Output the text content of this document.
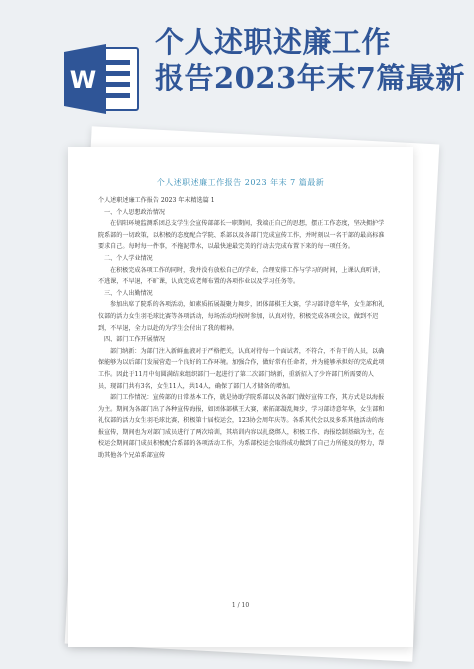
W
个人述职述廉工作
报告2023年末7篇最新
个人述职述廉工作报告 2023 年末 7 篇最新

个人述职述廉工作报告 2023 年末精选篇 1

一、个人思想政治情况

在信阳环境监测系团总支学生会宣传部部长一职期间，我端正自己的思想，摆正工作态度，坚决拥护学院系部的一切政策，以积极的态度配合学院、系部以及各部门完成宣传工作，并时刻以一名干部的最高标准要求自己。每时每一件事，不拖泥带水，以最快速最完美的行动去完成布置下来的每一项任务。

二、个人学业情况

在积极完成各项工作的同时，我并没有放松自己的学业，合理安排工作与学习的时间，上课认真听讲，不逃课，不早退，不旷课，认真完成老师布置的各项作业以及学习任务等。

三、个人出勤情况

参加出席了院系的各项活动，如素质拓展凝聚力舞步，团体部棋王大赛，学习部诗意年华，女生部和礼仪部的活力女生羽毛球比赛等各项活动，每场活动均按时参加，认真对待，积极完成各项会议，做到不迟到，不早退，全力以赴的为学生会付出了我的精神。

四、部门工作开展情况

部门纳新：为部门注入新鲜血液对于严格把关，认真对待每一个面试者，不符合，不肯干的人员，以确保能够为以后部门发展营造一个良好的工作环境。加强合作，做好常有任命者，并为能够承担好的完成此项工作。因此于11月中旬圆满结束组织部门一起进行了第二次部门纳新，重新招入了少许部门所需要的人员，现部门共有3名，女生11人，共14人，确保了部门人才储备的增加。

部门工作情况：宣传部的日常基本工作，就是协助学院系部以及各部门做好宣传工作，其方式是以海报为主。期间为各部门出了各种宣传海报，如团体部棋王大赛，素拓部凝乱舞步，学习部诗意年华，女生部和礼仪部的活力女生羽毛球比赛，积极第十届校运会，123协会周年庆等。各系其代会以及多系其他活动的海报宣传，期间也为对部门成员进行了两次培训，其培训内容以扎烧绑人，积极工作、海报绘制基础为主，在校运会期间部门成员积极配合系部的各项活动工作，为系部校运会取得成功做到了自己力所能及的努力，帮助其他各个兄弟系部宣传

1 / 10
